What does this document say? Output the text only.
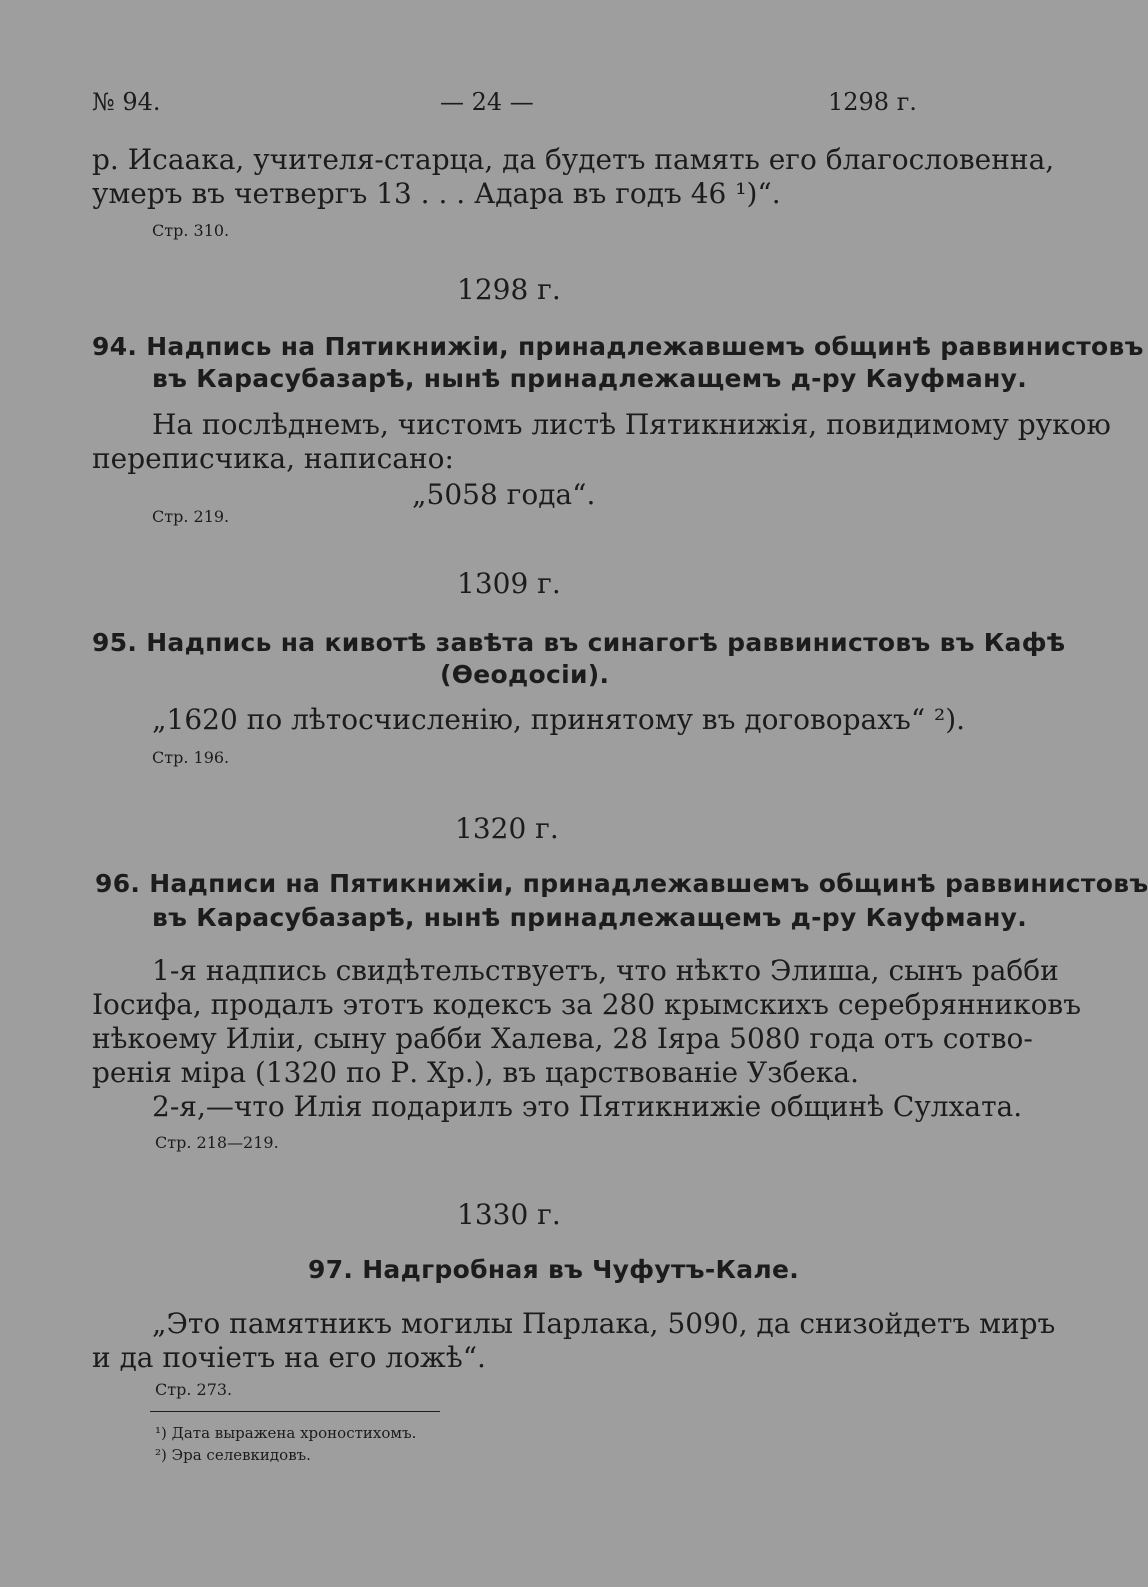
№ 94.	— 24 —	1298 г.
р. Исаака, учителя-старца, да будетъ память его благословенна,
умеръ въ четвергъ 13 . . . Адара въ годъ 46 ¹)“.
Стр. 310.
1298 г.
94. Надпись на Пятикнижіи, принадлежавшемъ общинѣ раввинистовъ
въ Карасубазарѣ, нынѣ принадлежащемъ д-ру Кауфману.
На послѣднемъ, чистомъ листѣ Пятикнижія, повидимому рукою
переписчика, написано:
„5058 года“.
Стр. 219.
1309 г.
95. Надпись на кивотѣ завѣта въ синагогѣ раввинистовъ въ Кафѣ
(Ѳеодосіи).
„1620 по лѣтосчисленію, принятому въ договорахъ“ ²).
Стр. 196.
1320 г.
96. Надписи на Пятикнижіи, принадлежавшемъ общинѣ раввинистовъ
въ Карасубазарѣ, нынѣ принадлежащемъ д-ру Кауфману.
1-я надпись свидѣтельствуетъ, что нѣкто Элиша, сынъ рабби
Іосифа, продалъ этотъ кодексъ за 280 крымскихъ серебрянниковъ
нѣкоему Иліи, сыну рабби Халева, 28 Іяра 5080 года отъ сотво-
ренія міра (1320 по Р. Хр.), въ царствованіе Узбека.
2-я,—что Илія подарилъ это Пятикнижіе общинѣ Сулхата.
Стр. 218—219.
1330 г.
97. Надгробная въ Чуфутъ-Кале.
„Это памятникъ могилы Парлака, 5090, да снизойдетъ миръ
и да почіетъ на его ложѣ“.
Стр. 273.
¹) Дата выражена хроностихомъ.
²) Эра селевкидовъ.
